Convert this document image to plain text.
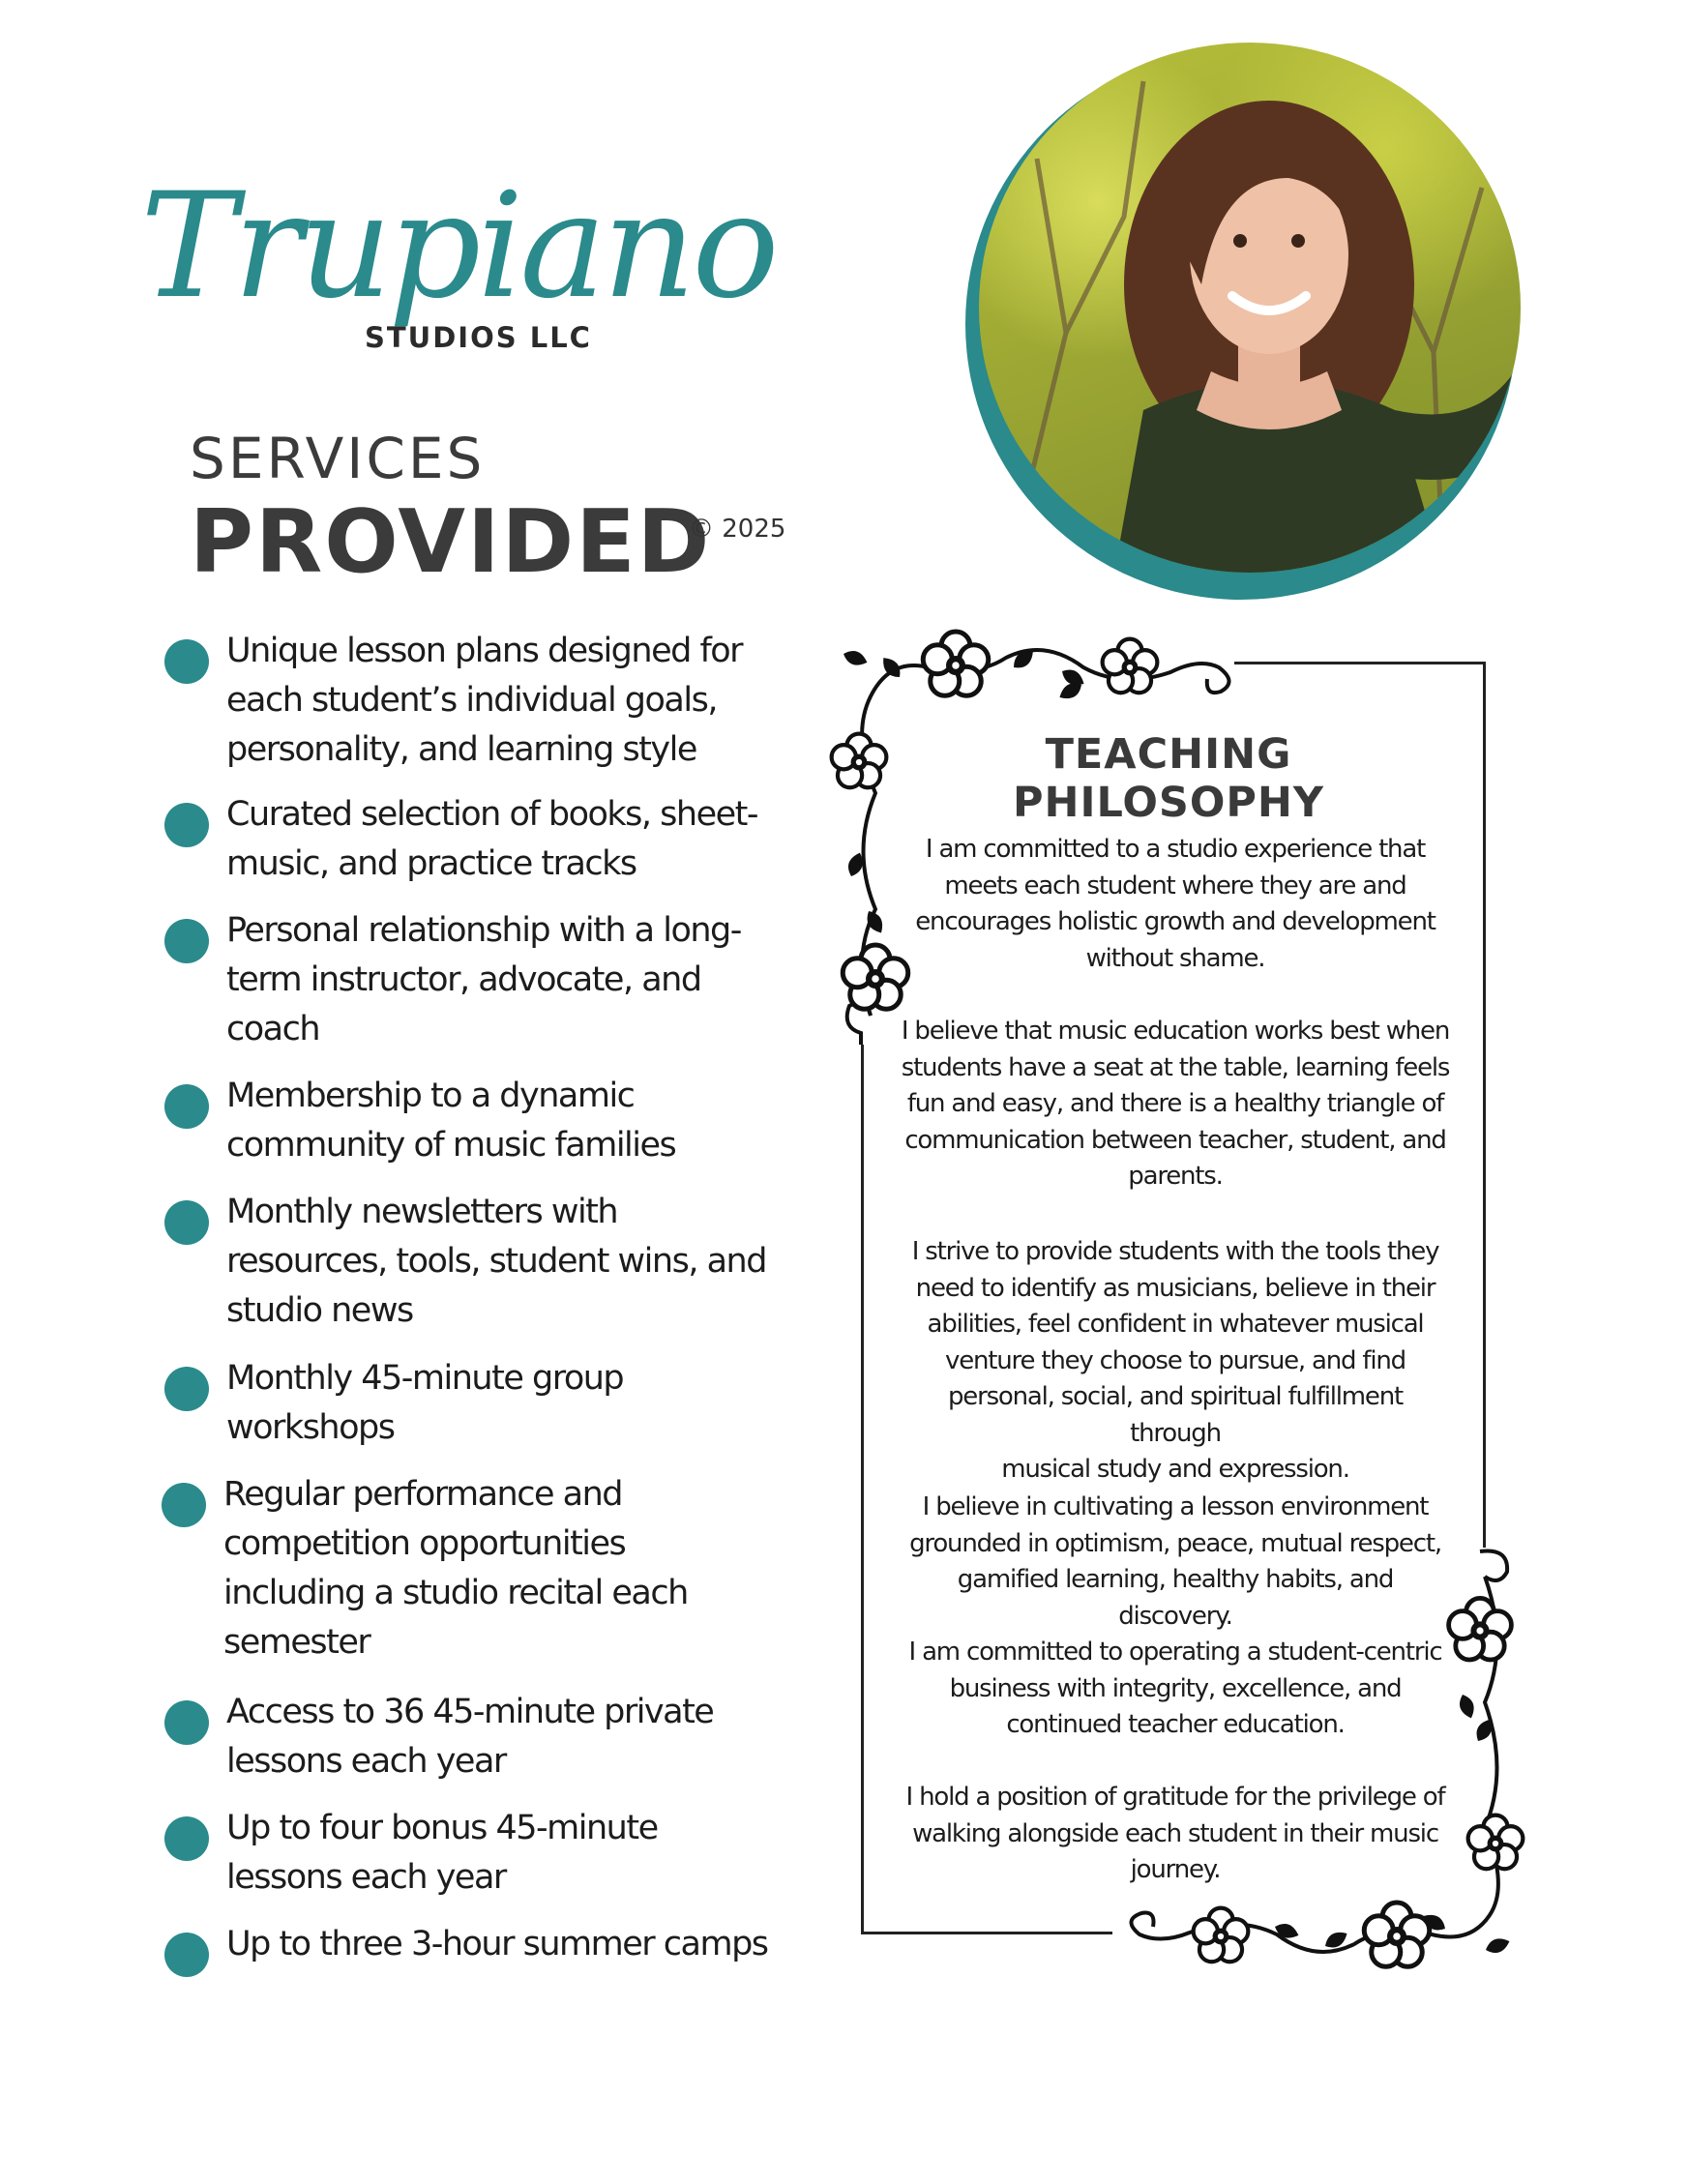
Trupiano
STUDIOS LLC
SERVICES
PROVIDED
© 2025
Unique lesson plans designed for
each student’s individual goals,
personality, and learning style
Curated selection of books, sheet-
music, and practice tracks
Personal relationship with a long-
term instructor, advocate, and
coach
Membership to a dynamic
community of music families
Monthly newsletters with
resources, tools, student wins, and
studio news
Monthly 45-minute group
workshops
Regular performance and
competition opportunities
including a studio recital each
semester
Access to 36 45-minute private
lessons each year
Up to four bonus 45-minute
lessons each year
Up to three 3-hour summer camps
TEACHING PHILOSOPHY

I am committed to a studio experience that
meets each student where they are and
encourages holistic growth and development
without shame.

I believe that music education works best when
students have a seat at the table, learning feels
fun and easy, and there is a healthy triangle of
communication between teacher, student, and
parents.

I strive to provide students with the tools they
need to identify as musicians, believe in their
abilities, feel confident in whatever musical
venture they choose to pursue, and find
personal, social, and spiritual fulfillment through
musical study and expression.

I believe in cultivating a lesson environment
grounded in optimism, peace, mutual respect,
gamified learning, healthy habits, and discovery.

I am committed to operating a student-centric
business with integrity, excellence, and
continued teacher education.

I hold a position of gratitude for the privilege of
walking alongside each student in their music
journey.
